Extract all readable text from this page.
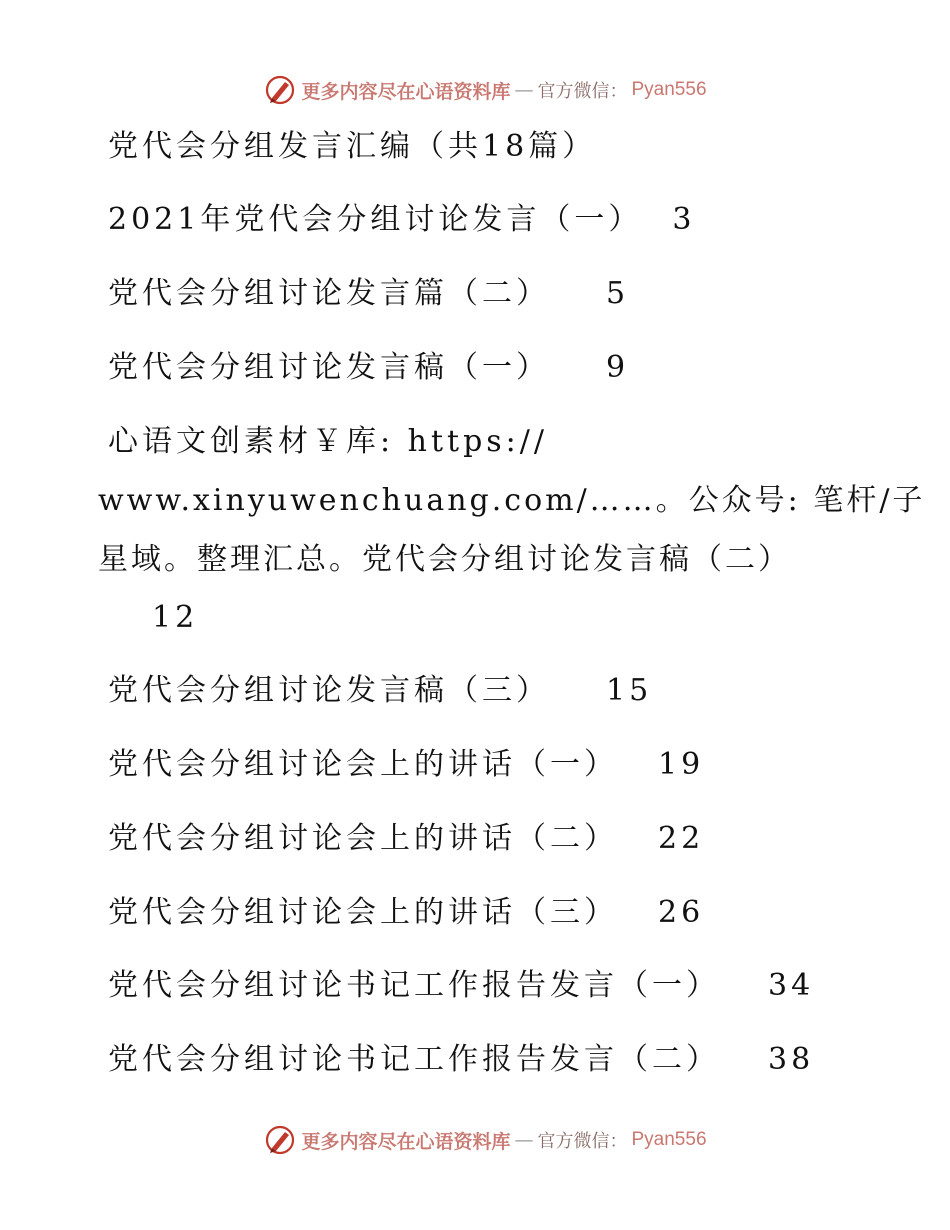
更多内容尽在心语资料库 — 官方微信： Pyan556
党代会分组发言汇编（共18篇）
2021年党代会分组讨论发言（一） 3
党代会分组讨论发言篇（二） 5
党代会分组讨论发言稿（一） 9
心语文创素材￥库: https://
www.xinyuwenchuang.com/……。公众号: 笔杆/子
星域。整理汇总。党代会分组讨论发言稿（二）
12
党代会分组讨论发言稿（三） 15
党代会分组讨论会上的讲话（一） 19
党代会分组讨论会上的讲话（二） 22
党代会分组讨论会上的讲话（三） 26
党代会分组讨论书记工作报告发言（一） 34
党代会分组讨论书记工作报告发言（二） 38
更多内容尽在心语资料库 — 官方微信： Pyan556
